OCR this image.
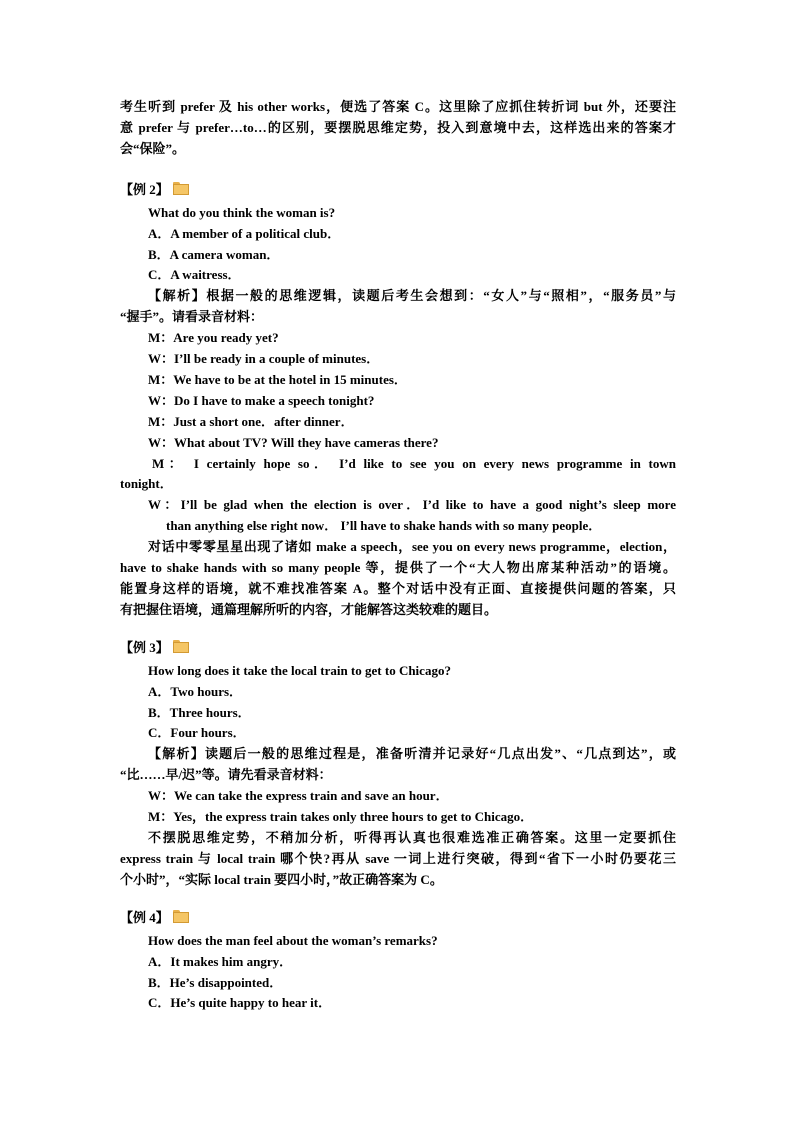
考生听到 prefer 及 his other works，便选了答案 C。这里除了应抓住转折词 but 外，还要注
意 prefer 与 prefer…to…的区别，要摆脱思维定势，投入到意境中去，这样选出来的答案才
会“保险”。
【例 2】
What do you think the woman is?
A．A member of a political club．
B．A camera woman．
C．A waitress．
【解析】根据一般的思维逻辑，读题后考生会想到：“女人”与“照相”，“服务员”与
“握手”。请看录音材料：
M：Are you ready yet?
W：I’ll be ready in a couple of minutes．
M：We have to be at the hotel in 15 minutes．
W：Do I have to make a speech tonight?
M：Just a short one．after dinner．
W：What about TV? Will they have cameras there?
M： I certainly hope so． I’d like to see you on every news programme in town
tonight．
W：I’ll be glad when the election is over．I’d like to have a good night’s sleep more
than anything else right now． I’ll have to shake hands with so many people．
对话中零零星星出现了诸如 make a speech，see you on every news programme，election，
have to shake hands with so many people 等，提供了一个“大人物出席某种活动”的语境。
能置身这样的语境，就不难找准答案 A。整个对话中没有正面、直接提供问题的答案，只
有把握住语境，通篇理解所听的内容，才能解答这类较难的题目。
【例 3】
How long does it take the local train to get to Chicago?
A．Two hours．
B．Three hours．
C．Four hours．
【解析】读题后一般的思维过程是，准备听清并记录好“几点出发”、“几点到达”，或
“比……早/迟”等。请先看录音材料：
W：We can take the express train and save an hour．
M：Yes，the express train takes only three hours to get to Chicago．
不摆脱思维定势，不稍加分析，听得再认真也很难选准正确答案。这里一定要抓住
express train 与 local train 哪个快?再从 save 一词上进行突破，得到“省下一小时仍要花三
个小时”，“实际 local train 要四小时，”故正确答案为 C。
【例 4】
How does the man feel about the woman’s remarks?
A．It makes him angry．
B．He’s disappointed．
C．He’s quite happy to hear it．
